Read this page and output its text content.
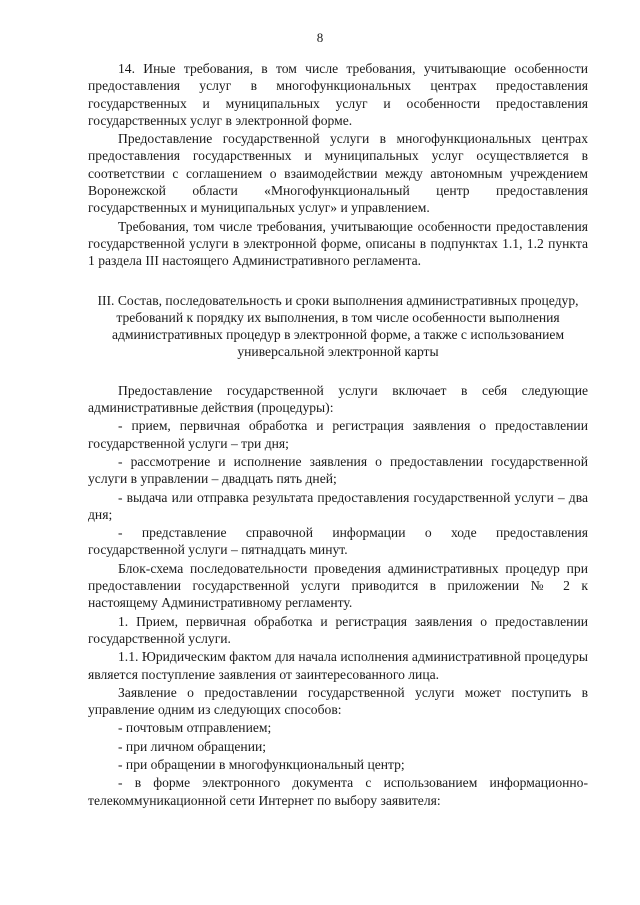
8

14. Иные требования, в том числе требования, учитывающие особенности предоставления услуг в многофункциональных центрах предоставления государственных и муниципальных услуг и особенности предоставления государственных услуг в электронной форме.

Предоставление государственной услуги в многофункциональных центрах предоставления государственных и муниципальных услуг осуществляется в соответствии с соглашением о взаимодействии между автономным учреждением Воронежской области «Многофункциональный центр предоставления государственных и муниципальных услуг» и управлением.

Требования, том числе требования, учитывающие особенности предоставления государственной услуги в электронной форме, описаны в подпунктах 1.1, 1.2 пункта 1 раздела III настоящего Административного регламента.

III. Состав, последовательность и сроки выполнения административных процедур, требований к порядку их выполнения, в том числе особенности выполнения административных процедур в электронной форме, а также с использованием универсальной электронной карты

Предоставление государственной услуги включает в себя следующие административные действия (процедуры):

- прием, первичная обработка и регистрация заявления о предоставлении государственной услуги – три дня;

- рассмотрение и исполнение заявления о предоставлении государственной услуги в управлении – двадцать пять дней;

- выдача или отправка результата предоставления государственной услуги – два дня;

- представление справочной информации о ходе предоставления государственной услуги – пятнадцать минут.

Блок-схема последовательности проведения административных процедур при предоставлении государственной услуги приводится в приложении № 2 к настоящему Административному регламенту.

1. Прием, первичная обработка и регистрация заявления о предоставлении государственной услуги.

1.1. Юридическим фактом для начала исполнения административной процедуры является поступление заявления от заинтересованного лица.

Заявление о предоставлении государственной услуги может поступить в управление одним из следующих способов:

- почтовым отправлением;

- при личном обращении;

- при обращении в многофункциональный центр;

- в форме электронного документа с использованием информационно-телекоммуникационной сети Интернет по выбору заявителя:
